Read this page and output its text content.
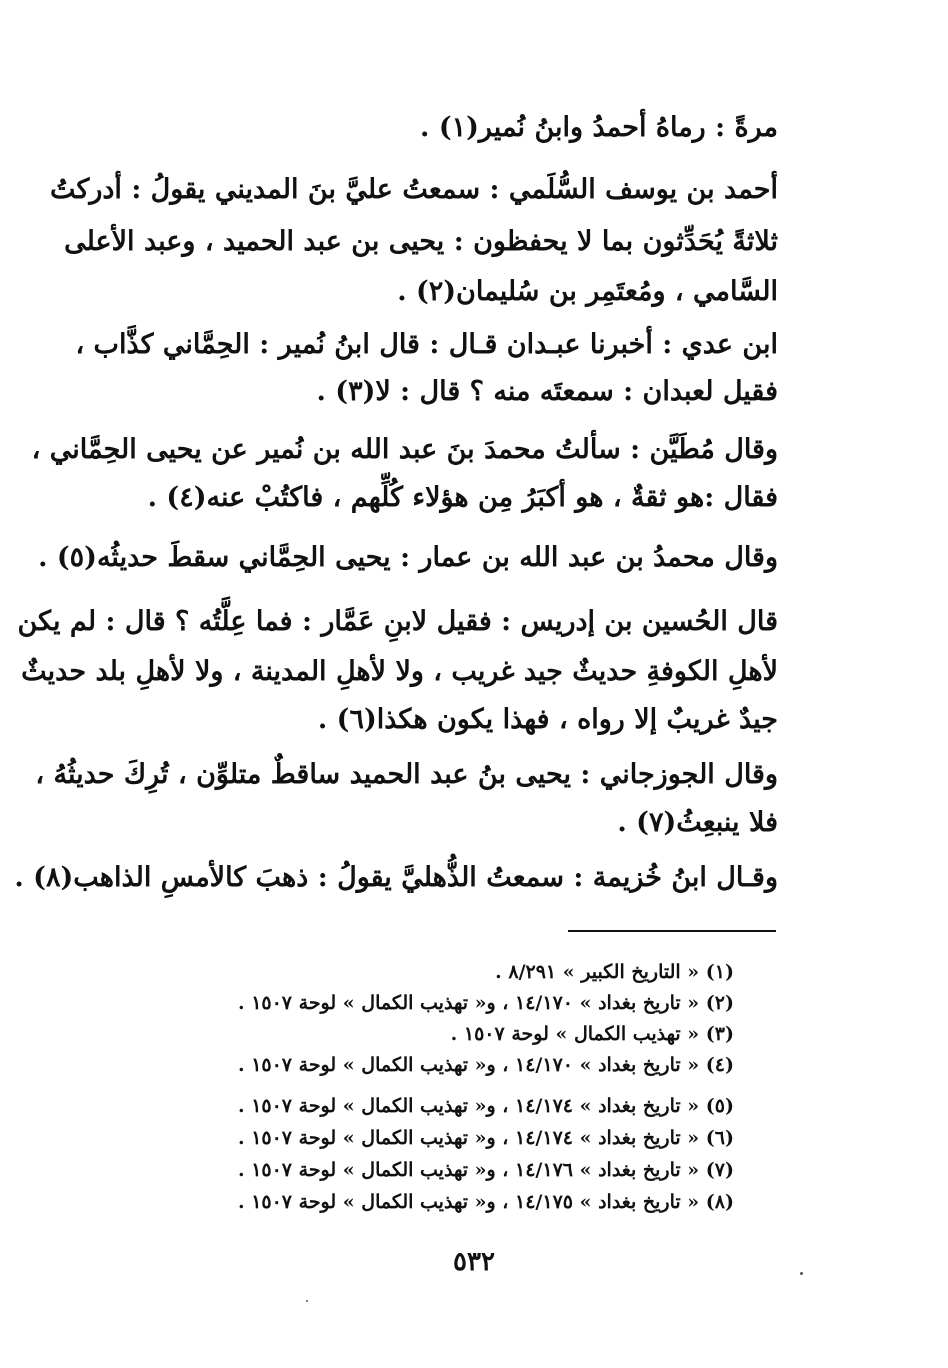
مرةً : رماهُ أحمدُ وابنُ نُمير(١) .
أحمد بن يوسف السُّلَمي : سمعتُ عليَّ بنَ المديني يقولُ : أدركتُ
ثلاثةً يُحَدِّثون بما لا يحفظون : يحيى بن عبد الحميد ، وعبد الأعلى
السَّامي ، ومُعتَمِر بن سُليمان(٢) .
ابن عدي : أخبرنا عبـدان قـال : قال ابنُ نُمير : الحِمَّاني كذَّاب ،
فقيل لعبدان : سمعتَه منه ؟ قال : لا(٣) .
وقال مُطَيَّن : سألتُ محمدَ بنَ عبد الله بن نُمير عن يحيى الحِمَّاني ،
فقال :هو ثقةٌ ، هو أكبَرُ مِن هؤلاء كُلِّهم ، فاكتُبْ عنه(٤) .
وقال محمدُ بن عبد الله بن عمار : يحيى الحِمَّاني سقطَ حديثُه(٥) .
قال الحُسين بن إدريس : فقيل لابنِ عَمَّار : فما عِلَّتُه ؟ قال : لم يكن
لأهلِ الكوفةِ حديثٌ جيد غريب ، ولا لأهلِ المدينة ، ولا لأهلِ بلد حديثٌ
جيدٌ غريبٌ إلا رواه ، فهذا يكون هكذا(٦) .
وقال الجوزجاني : يحيى بنُ عبد الحميد ساقطٌ متلوِّن ، تُرِكَ حديثُهُ ،
فلا ينبعِثُ(٧) .
وقـال ابنُ خُزيمة : سمعتُ الذُّهليَّ يقولُ : ذهبَ كالأمسِ الذاهب(٨) .
(١) « التاريخ الكبير » ٨/٢٩١ .
(٢) « تاريخ بغداد » ١٤/١٧٠ ، و« تهذيب الكمال » لوحة ١٥٠٧ .
(٣) « تهذيب الكمال » لوحة ١٥٠٧ .
(٤) « تاريخ بغداد » ١٤/١٧٠ ، و« تهذيب الكمال » لوحة ١٥٠٧ .
(٥) « تاريخ بغداد » ١٤/١٧٤ ، و« تهذيب الكمال » لوحة ١٥٠٧ .
(٦) « تاريخ بغداد » ١٤/١٧٤ ، و« تهذيب الكمال » لوحة ١٥٠٧ .
(٧) « تاريخ بغداد » ١٤/١٧٦ ، و« تهذيب الكمال » لوحة ١٥٠٧ .
(٨) « تاريخ بغداد » ١٤/١٧٥ ، و« تهذيب الكمال » لوحة ١٥٠٧ .
٥٣٢
